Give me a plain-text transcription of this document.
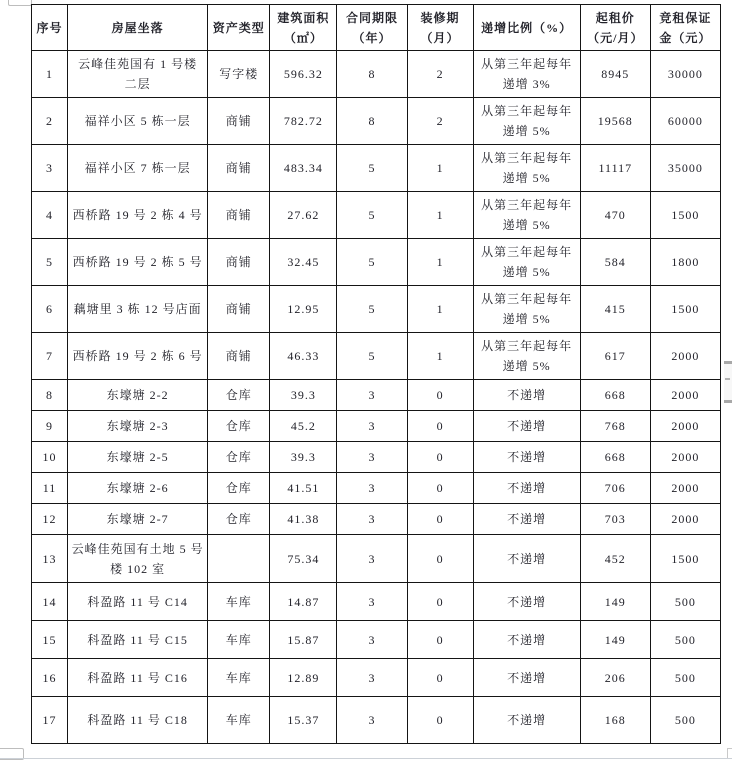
序号	房屋坐落	资产类型	建筑面积（㎡）	合同期限（年）	装修期（月）	递增比例（%）	起租价（元/月）	竞租保证金（元）
1	云峰佳苑国有 1 号楼 二层	写字楼	596.32	8	2	从第三年起每年递增 3%	8945	30000
2	福祥小区 5 栋一层	商铺	782.72	8	2	从第三年起每年递增 5%	19568	60000
3	福祥小区 7 栋一层	商铺	483.34	5	1	从第三年起每年递增 5%	11117	35000
4	西桥路 19 号 2 栋 4 号	商铺	27.62	5	1	从第三年起每年递增 5%	470	1500
5	西桥路 19 号 2 栋 5 号	商铺	32.45	5	1	从第三年起每年递增 5%	584	1800
6	藕塘里 3 栋 12 号店面	商铺	12.95	5	1	从第三年起每年递增 5%	415	1500
7	西桥路 19 号 2 栋 6 号	商铺	46.33	5	1	从第三年起每年递增 5%	617	2000
8	东壕塘 2-2	仓库	39.3	3	0	不递增	668	2000
9	东壕塘 2-3	仓库	45.2	3	0	不递增	768	2000
10	东壕塘 2-5	仓库	39.3	3	0	不递增	668	2000
11	东壕塘 2-6	仓库	41.51	3	0	不递增	706	2000
12	东壕塘 2-7	仓库	41.38	3	0	不递增	703	2000
13	云峰佳苑国有土地 5 号楼 102 室		75.34	3	0	不递增	452	1500
14	科盈路 11 号 C14	车库	14.87	3	0	不递增	149	500
15	科盈路 11 号 C15	车库	15.87	3	0	不递增	149	500
16	科盈路 11 号 C16	车库	12.89	3	0	不递增	206	500
17	科盈路 11 号 C18	车库	15.37	3	0	不递增	168	500
